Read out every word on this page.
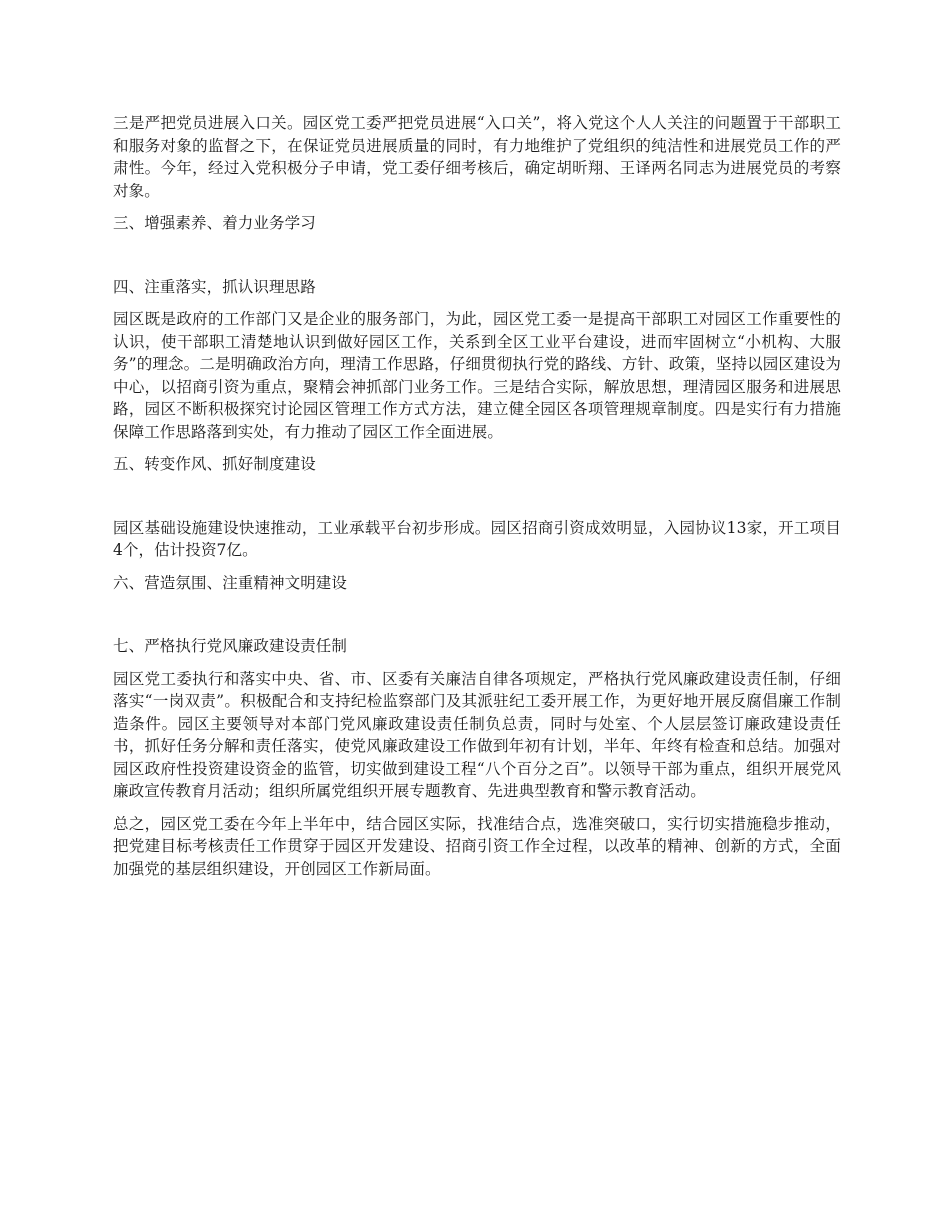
三是严把党员进展入口关。园区党工委严把党员进展“入口关”，将入党这个人人关注的问题置于干部职工和服务对象的监督之下，在保证党员进展质量的同时，有力地维护了党组织的纯洁性和进展党员工作的严肃性。今年，经过入党积极分子申请，党工委仔细考核后，确定胡昕翔、王译两名同志为进展党员的考察对象。

三、增强素养、着力业务学习

四、注重落实，抓认识理思路

园区既是政府的工作部门又是企业的服务部门，为此，园区党工委一是提高干部职工对园区工作重要性的认识，使干部职工清楚地认识到做好园区工作，关系到全区工业平台建设，进而牢固树立“小机构、大服务”的理念。二是明确政治方向，理清工作思路，仔细贯彻执行党的路线、方针、政策，坚持以园区建设为中心，以招商引资为重点，聚精会神抓部门业务工作。三是结合实际，解放思想，理清园区服务和进展思路，园区不断积极探究讨论园区管理工作方式方法，建立健全园区各项管理规章制度。四是实行有力措施保障工作思路落到实处，有力推动了园区工作全面进展。

五、转变作风、抓好制度建设

园区基础设施建设快速推动，工业承载平台初步形成。园区招商引资成效明显，入园协议13家，开工项目4个，估计投资7亿。

六、营造氛围、注重精神文明建设

七、严格执行党风廉政建设责任制

园区党工委执行和落实中央、省、市、区委有关廉洁自律各项规定，严格执行党风廉政建设责任制，仔细落实“一岗双责”。积极配合和支持纪检监察部门及其派驻纪工委开展工作，为更好地开展反腐倡廉工作制造条件。园区主要领导对本部门党风廉政建设责任制负总责，同时与处室、个人层层签订廉政建设责任书，抓好任务分解和责任落实，使党风廉政建设工作做到年初有计划，半年、年终有检查和总结。加强对园区政府性投资建设资金的监管，切实做到建设工程“八个百分之百”。以领导干部为重点，组织开展党风廉政宣传教育月活动；组织所属党组织开展专题教育、先进典型教育和警示教育活动。

总之，园区党工委在今年上半年中，结合园区实际，找准结合点，选准突破口，实行切实措施稳步推动，把党建目标考核责任工作贯穿于园区开发建设、招商引资工作全过程，以改革的精神、创新的方式，全面加强党的基层组织建设，开创园区工作新局面。
